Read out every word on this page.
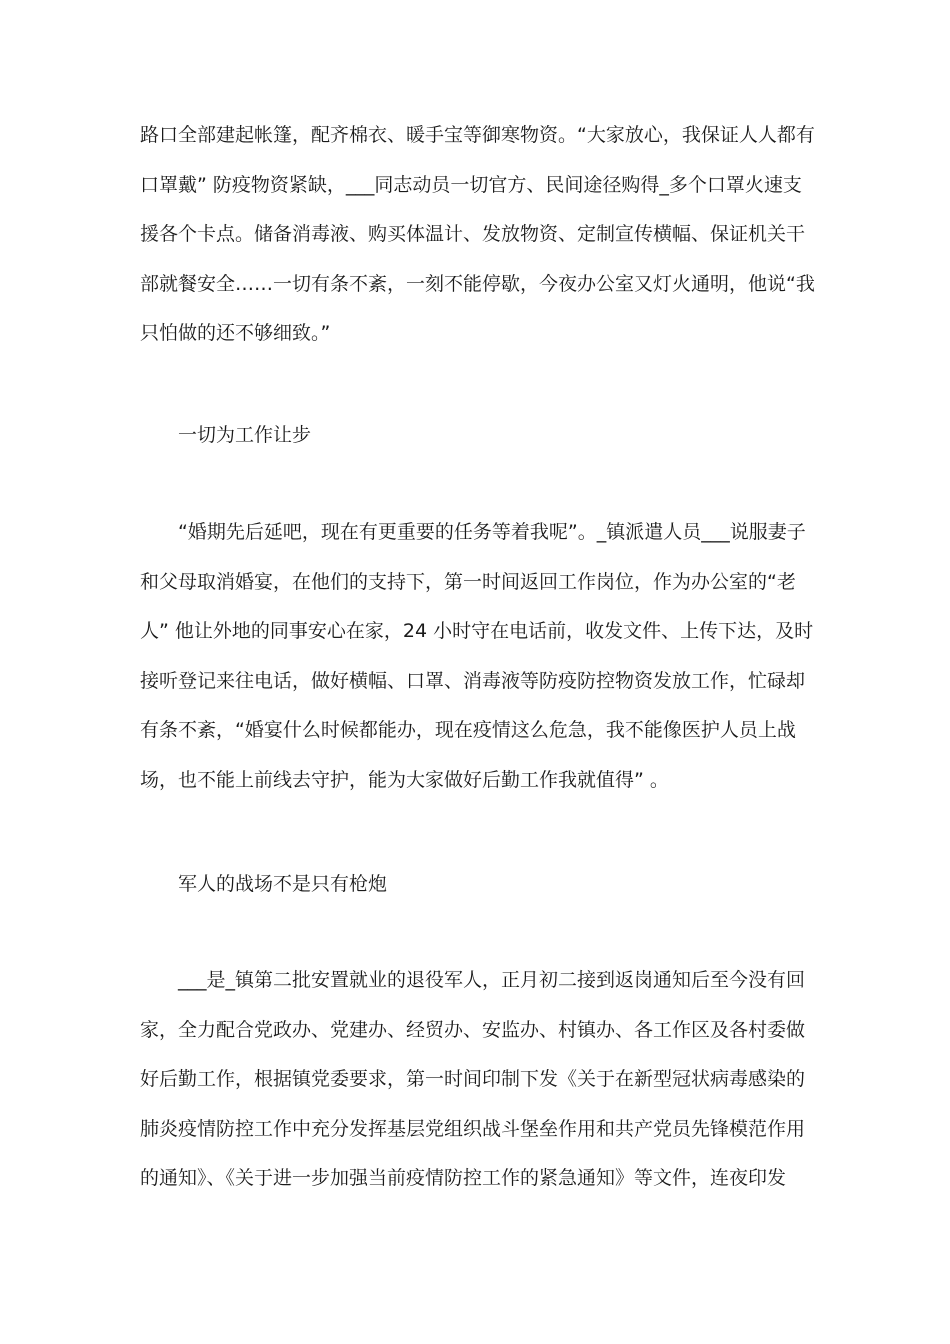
路口全部建起帐篷，配齐棉衣、暖手宝等御寒物资。“大家放心，我保证人人都有口罩戴” 防疫物资紧缺，___同志动员一切官方、民间途径购得_多个口罩火速支援各个卡点。储备消毒液、购买体温计、发放物资、定制宣传横幅、保证机关干部就餐安全……一切有条不紊，一刻不能停歇，今夜办公室又灯火通明，他说“我只怕做的还不够细致。”

一切为工作让步

“婚期先后延吧，现在有更重要的任务等着我呢”。_镇派遣人员___说服妻子和父母取消婚宴，在他们的支持下，第一时间返回工作岗位，作为办公室的“老人” 他让外地的同事安心在家，24 小时守在电话前，收发文件、上传下达，及时接听登记来往电话，做好横幅、口罩、消毒液等防疫防控物资发放工作，忙碌却有条不紊，“婚宴什么时候都能办，现在疫情这么危急，我不能像医护人员上战场，也不能上前线去守护，能为大家做好后勤工作我就值得” 。

军人的战场不是只有枪炮

___是_镇第二批安置就业的退役军人，正月初二接到返岗通知后至今没有回家，全力配合党政办、党建办、经贸办、安监办、村镇办、各工作区及各村委做好后勤工作，根据镇党委要求，第一时间印制下发《关于在新型冠状病毒感染的肺炎疫情防控工作中充分发挥基层党组织战斗堡垒作用和共产党员先锋模范作用的通知》、《关于进一步加强当前疫情防控工作的紧急通知》等文件，连夜印发
